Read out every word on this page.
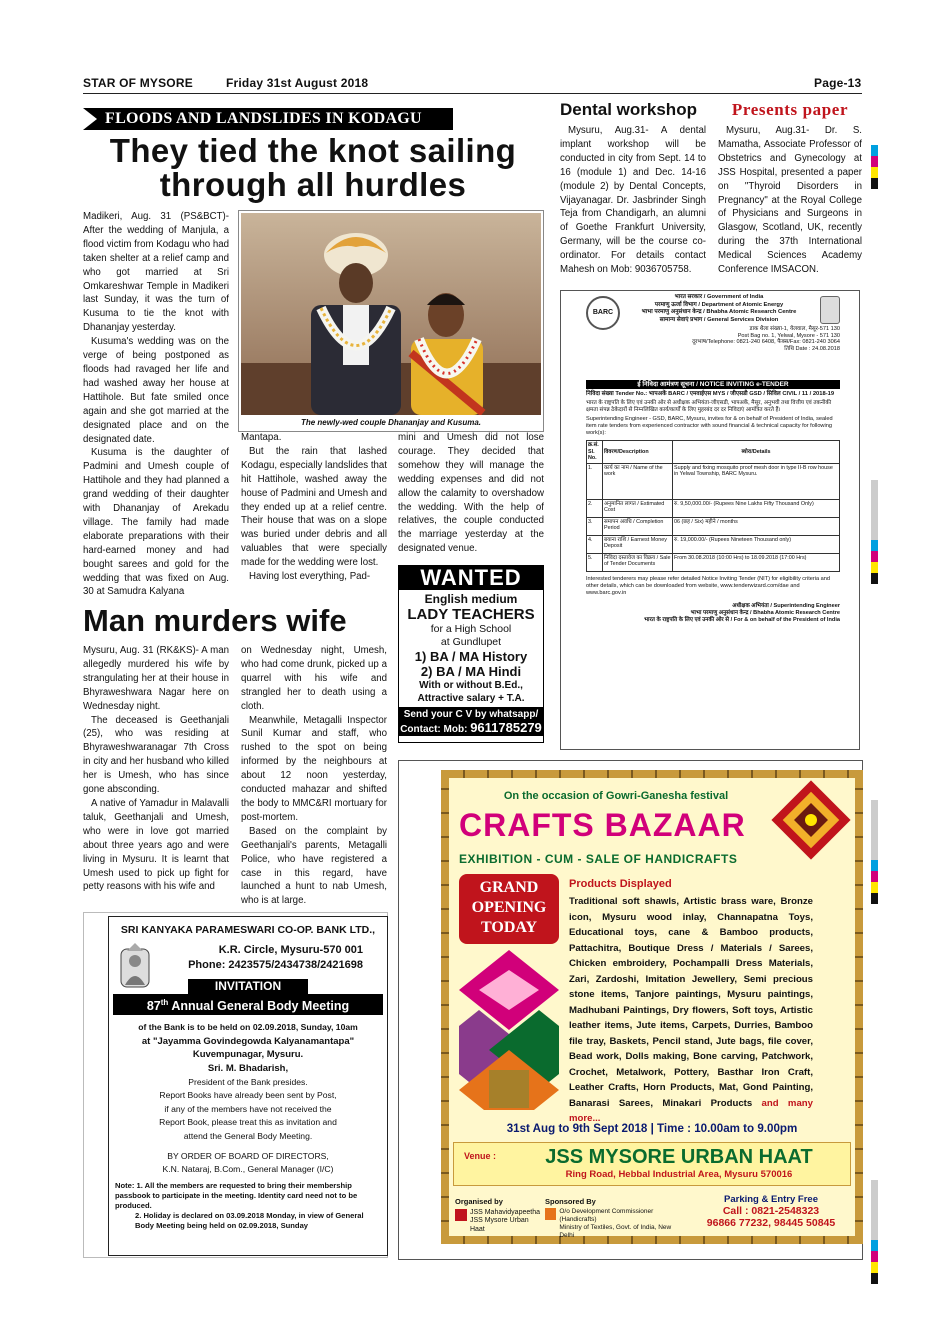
STAR OF MYSORE	Friday 31st August 2018	Page-13
FLOODS AND LANDSLIDES IN KODAGU
They tied the knot sailing
through all hurdles

Madikeri, Aug. 31 (PS&BCT)- After the wedding of Manjula, a flood victim from Kodagu who had taken shelter at a relief camp and who got married at Sri Omkareshwar Temple in Madikeri last Sunday, it was the turn of Kusuma to tie the knot with Dhananjay yesterday.

Kusuma's wedding was on the verge of being postponed as floods had ravaged her life and had washed away her house at Hattihole. But fate smiled once again and she got married at the designated place and on the designated date.

Kusuma is the daughter of Padmini and Umesh couple of Hattihole and they had planned a grand wedding of their daughter with Dhananjay of Arekadu village. The family had made elaborate preparations with their hard-earned money and had bought sarees and gold for the wedding that was fixed on Aug. 30 at Samudra Kalyana

The newly-wed couple Dhananjay and Kusuma.

Mantapa.

But the rain that lashed Kodagu, especially landslides that hit Hattihole, washed away the house of Padmini and Umesh and they ended up at a relief centre. Their house that was on a slope was buried under debris and all valuables that were specially made for the wedding were lost.

Having lost everything, Pad-

mini and Umesh did not lose courage. They decided that somehow they will manage the wedding expenses and did not allow the calamity to overshadow the wedding. With the help of relatives, the couple conducted the marriage yesterday at the designated venue.

WANTED
English medium
LADY TEACHERS
for a High School
at Gundlupet
1) BA / MA History
2) BA / MA Hindi
With or without B.Ed.,
Attractive salary + T.A.
Send your C V by whatsapp/
Contact: Mob: 9611785279
Man murders wife

Mysuru, Aug. 31 (RK&KS)- A man allegedly murdered his wife by strangulating her at their house in Bhyraweshwara Nagar here on Wednesday night.

The deceased is Geethanjali (25), who was residing at Bhyraweshwaranagar 7th Cross in city and her husband who killed her is Umesh, who has since gone absconding.

A native of Yamadur in Malavalli taluk, Geethanjali and Umesh, who were in love got married about three years ago and were living in Mysuru. It is learnt that Umesh used to pick up fight for petty reasons with his wife and

on Wednesday night, Umesh, who had come drunk, picked up a quarrel with his wife and strangled her to death using a cloth.

Meanwhile, Metagalli Inspector Sunil Kumar and staff, who rushed to the spot on being informed by the neighbours at about 12 noon yesterday, conducted mahazar and shifted the body to MMC&RI mortuary for post-mortem.

Based on the complaint by Geethanjali's parents, Metagalli Police, who have registered a case in this regard, have launched a hunt to nab Umesh, who is at large.

Dental workshop

Mysuru, Aug.31- A dental implant workshop will be conducted in city from Sept. 14 to 16 (module 1) and Dec. 14-16 (module 2) by Dental Concepts, Vijayanagar. Dr. Jasbrinder Singh Teja from Chandigarh, an alumni of Goethe Frankfurt University, Germany, will be the course co-ordinator. For details contact Mahesh on Mob: 9036705758.

Presents paper

Mysuru, Aug.31- Dr. S. Mamatha, Associate Professor of Obstetrics and Gynecology at JSS Hospital, presented a paper on "Thyroid Disorders in Pregnancy" at the Royal College of Physicians and Surgeons in Glasgow, Scotland, UK, recently during the 37th International Medical Sciences Academy Conference IMSACON.

BARC
भारत सरकार / Government of India
परमाणु ऊर्जा विभाग / Department of Atomic Energy
भाभा परमाणु अनुसंधान केन्द्र / Bhabha Atomic Research Centre
सामान्य सेवाएं प्रभाग / General Services Division
डाक थैला संख्या-1, येलवाल, मैसूर-571 130
Post Bag no. 1, Yelwal, Mysore - 571 130
दूरभाष/Telephone: 0821-240 6408, फैक्स/Fax: 0821-240 3064
तिथि Date : 24.08.2018
ई निविदा आमंत्रण सूचना / NOTICE INVITING e-TENDER
निविदा संख्या Tender No.: भापअकें BARC / एमवाईएस MYS / जीएसडी GSD / सिविल CIVIL / 11 / 2018-19
भारत के राष्ट्रपति के लिए एवं उनकी ओर से अधीक्षक अभियंता-जीएसडी, भापअकें, मैसूर, अनुभवी तथा वित्तीय एवं तकनीकी क्षमता संपन्न ठेकेदारों से निम्नलिखित कार्य/कार्यों के लिए मुहरबंद दर दर निविदाएं आमंत्रित करते हैं।
Superintending Engineer - GSD, BARC, Mysuru, invites for & on behalf of President of India, sealed item rate tenders from experienced contractor with sound financial & technical capacity for following work(s):
क्र.सं. Sl. No.	विवरण/Description	ब्योरा/Details
1.	कार्य का नाम / Name of the work	Supply and fixing mosquito proof mesh door in type II-B row house in Yelwal Township, BARC Mysuru.
2.	अनुमानित लागत / Estimated Cost	रु. 9,50,000.00/- (Rupees Nine Lakhs Fifty Thousand Only)
3.	समापन अवधि / Completion Period	06 (छह / Six) महीने / months
4.	बयाना राशि / Earnest Money Deposit	रु. 19,000.00/- (Rupees Nineteen Thousand only)
5.	निविदा दस्तावेज का विक्रय / Sale of Tender Documents	From 30.08.2018 (10:00 Hrs) to 18.09.2018 (17:00 Hrs)
Interested tenderers may please refer detailed Notice Inviting Tender (NIT) for eligibility criteria and other details, which can be downloaded from website, www.tenderwizard.com/dae and www.barc.gov.in
अधीक्षक अभियंता / Superintending Engineer
भाभा परमाणु अनुसंधान केन्द्र / Bhabha Atomic Research Centre
भारत के राष्ट्रपति के लिए एवं उनकी ओर से / For & on behalf of the President of India
SRI KANYAKA PARAMESWARI CO-OP. BANK LTD.,
K.R. Circle, Mysuru-570 001
Phone: 2423575/2434738/2421698
INVITATION
87th Annual General Body Meeting
of the Bank is to be held on 02.09.2018, Sunday, 10am
at "Jayamma Govindegowda Kalyanamantapa"
Kuvempunagar, Mysuru.
Sri. M. Bhadarish,
President of the Bank presides.
Report Books have already been sent by Post,
if any of the members have not received the
Report Book, please treat this as invitation and
attend the General Body Meeting.
BY ORDER OF BOARD OF DIRECTORS,
K.N. Nataraj, B.Com., General Manager (I/C)
Note: 1. All the members are requested to bring their membership passbook to participate in the meeting. Identity card need not to be produced.
2. Holiday is declared on 03.09.2018 Monday, in view of General Body Meeting being held on 02.09.2018, Sunday
On the occasion of Gowri-Ganesha festival
CRAFTS BAZAAR
EXHIBITION - CUM - SALE OF HANDICRAFTS
GRAND
OPENING
TODAY
Products Displayed
Traditional soft shawls, Artistic brass ware, Bronze icon, Mysuru wood inlay, Channapatna Toys, Educational toys, cane & Bamboo products, Pattachitra, Boutique Dress / Materials / Sarees, Chicken embroidery, Pochampalli Dress Materials, Zari, Zardoshi, Imitation Jewellery, Semi precious stone items, Tanjore paintings, Mysuru paintings, Madhubani Paintings, Dry flowers, Soft toys, Artistic leather items, Jute items, Carpets, Durries, Bamboo file tray, Baskets, Pencil stand, Jute bags, file cover, Bead work, Dolls making, Bone carving, Patchwork, Crochet, Metalwork, Pottery, Basthar Iron Craft, Leather Crafts, Horn Products, Mat, Gond Painting, Banarasi Sarees, Minakari Products and many more...
31st Aug to 9th Sept 2018 | Time : 10.00am to 9.00pm
Venue :	JSS MYSORE URBAN HAAT
Ring Road, Hebbal Industrial Area, Mysuru 570016
Organised by
JSS Mahavidyapeetha
JSS Mysore Urban Haat
Sponsored By
O/o Development Commissioner (Handicrafts)
Ministry of Textiles, Govt. of India, New Delhi
Parking & Entry Free
Call : 0821-2548323
96866 77232, 98445 50845
